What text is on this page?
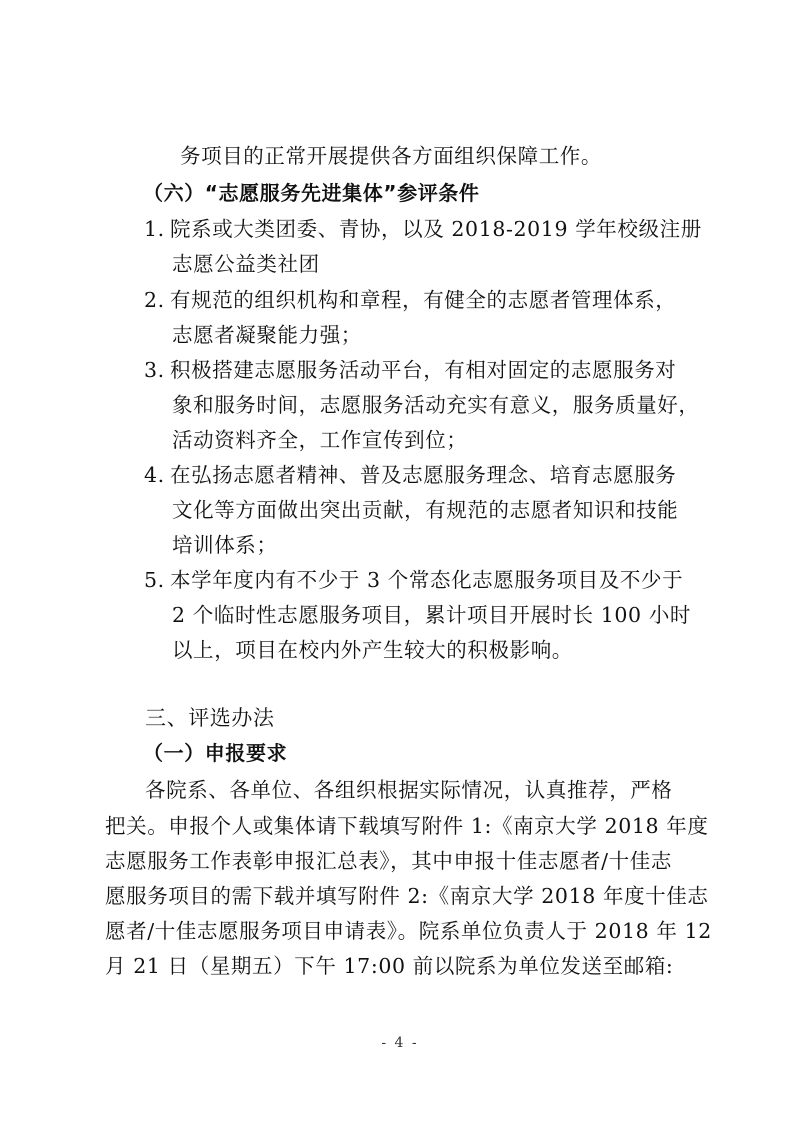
务项目的正常开展提供各方面组织保障工作。
（六）“志愿服务先进集体”参评条件
1. 院系或大类团委、青协，以及 2018-2019 学年校级注册
志愿公益类社团
2. 有规范的组织机构和章程，有健全的志愿者管理体系，
志愿者凝聚能力强；
3. 积极搭建志愿服务活动平台，有相对固定的志愿服务对
象和服务时间，志愿服务活动充实有意义，服务质量好，
活动资料齐全，工作宣传到位；
4. 在弘扬志愿者精神、普及志愿服务理念、培育志愿服务
文化等方面做出突出贡献，有规范的志愿者知识和技能
培训体系；
5. 本学年度内有不少于 3 个常态化志愿服务项目及不少于
2 个临时性志愿服务项目，累计项目开展时长 100 小时
以上，项目在校内外产生较大的积极影响。
三、评选办法
（一）申报要求
各院系、各单位、各组织根据实际情况，认真推荐，严格
把关。申报个人或集体请下载填写附件 1:《南京大学 2018 年度
志愿服务工作表彰申报汇总表》，其中申报十佳志愿者/十佳志
愿服务项目的需下载并填写附件 2:《南京大学 2018 年度十佳志
愿者/十佳志愿服务项目申请表》。院系单位负责人于 2018 年 12
月 21 日（星期五）下午 17:00 前以院系为单位发送至邮箱:
- 4 -
